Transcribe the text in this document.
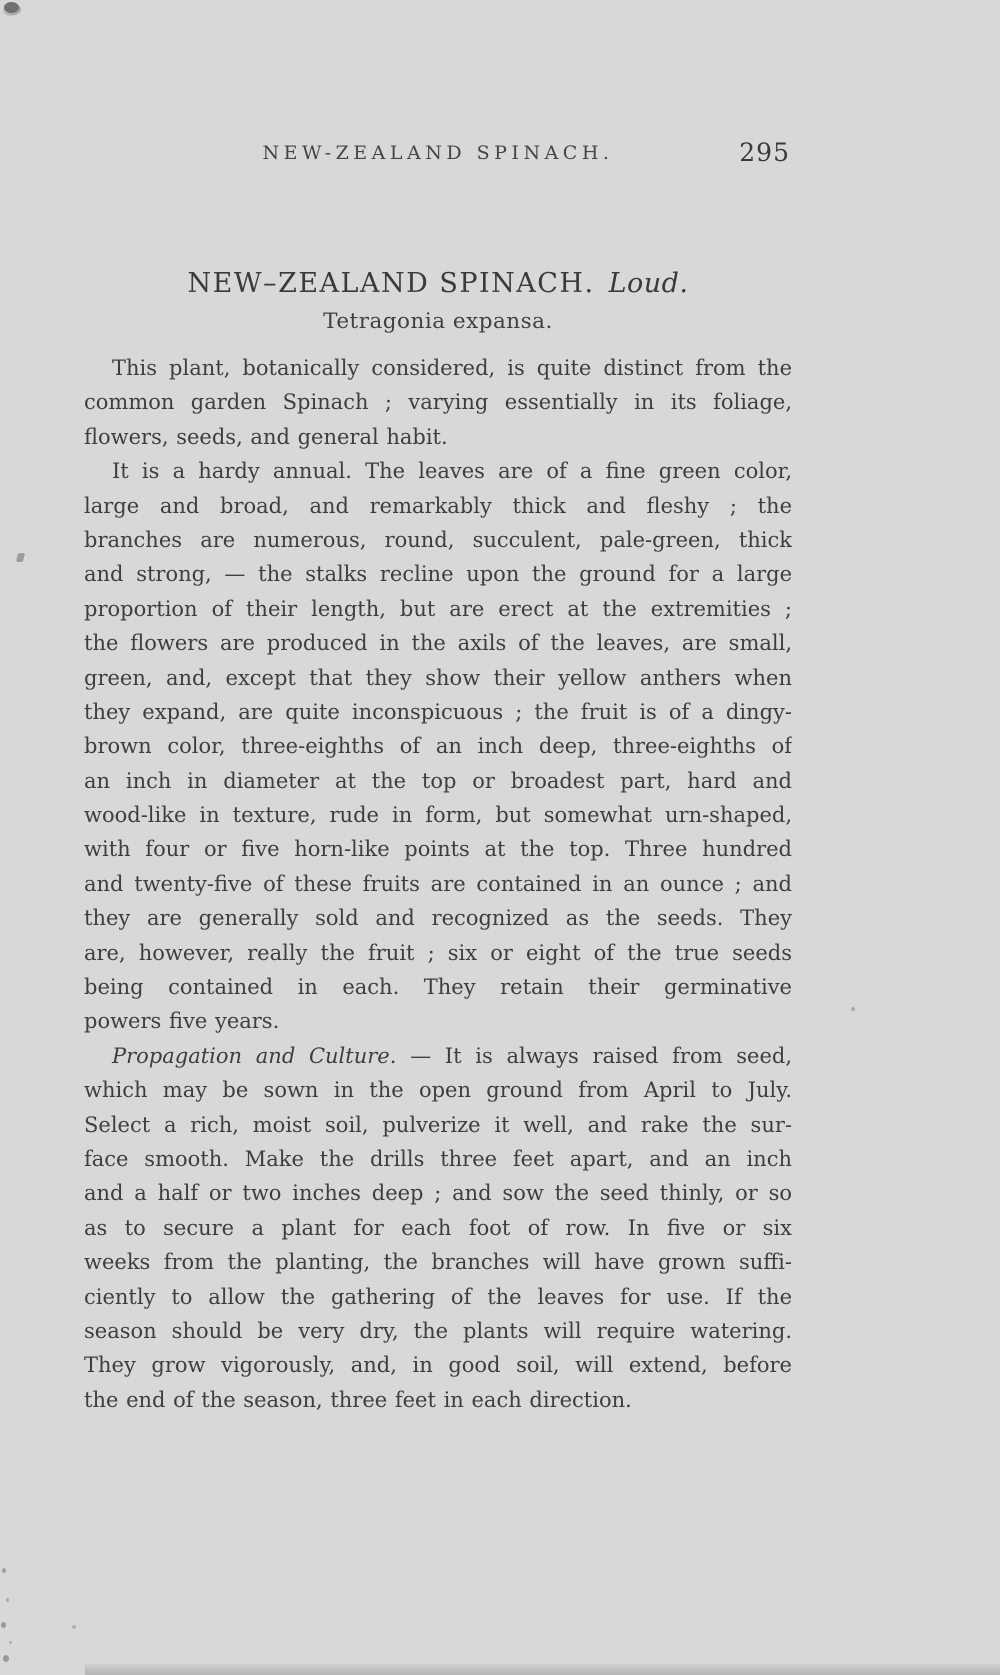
NEW-ZEALAND SPINACH.	295
NEW–ZEALAND SPINACH. Loud.
Tetragonia expansa.
This plant, botanically considered, is quite distinct from the
common garden Spinach ; varying essentially in its foliage,
flowers, seeds, and general habit.
It is a hardy annual. The leaves are of a fine green color,
large and broad, and remarkably thick and fleshy ; the
branches are numerous, round, succulent, pale-green, thick
and strong, — the stalks recline upon the ground for a large
proportion of their length, but are erect at the extremities ;
the flowers are produced in the axils of the leaves, are small,
green, and, except that they show their yellow anthers when
they expand, are quite inconspicuous ; the fruit is of a dingy-
brown color, three-eighths of an inch deep, three-eighths of
an inch in diameter at the top or broadest part, hard and
wood-like in texture, rude in form, but somewhat urn-shaped,
with four or five horn-like points at the top. Three hundred
and twenty-five of these fruits are contained in an ounce ; and
they are generally sold and recognized as the seeds. They
are, however, really the fruit ; six or eight of the true seeds
being contained in each. They retain their germinative
powers five years.
Propagation and Culture. — It is always raised from seed,
which may be sown in the open ground from April to July.
Select a rich, moist soil, pulverize it well, and rake the sur-
face smooth. Make the drills three feet apart, and an inch
and a half or two inches deep ; and sow the seed thinly, or so
as to secure a plant for each foot of row. In five or six
weeks from the planting, the branches will have grown suffi-
ciently to allow the gathering of the leaves for use. If the
season should be very dry, the plants will require watering.
They grow vigorously, and, in good soil, will extend, before
the end of the season, three feet in each direction.
